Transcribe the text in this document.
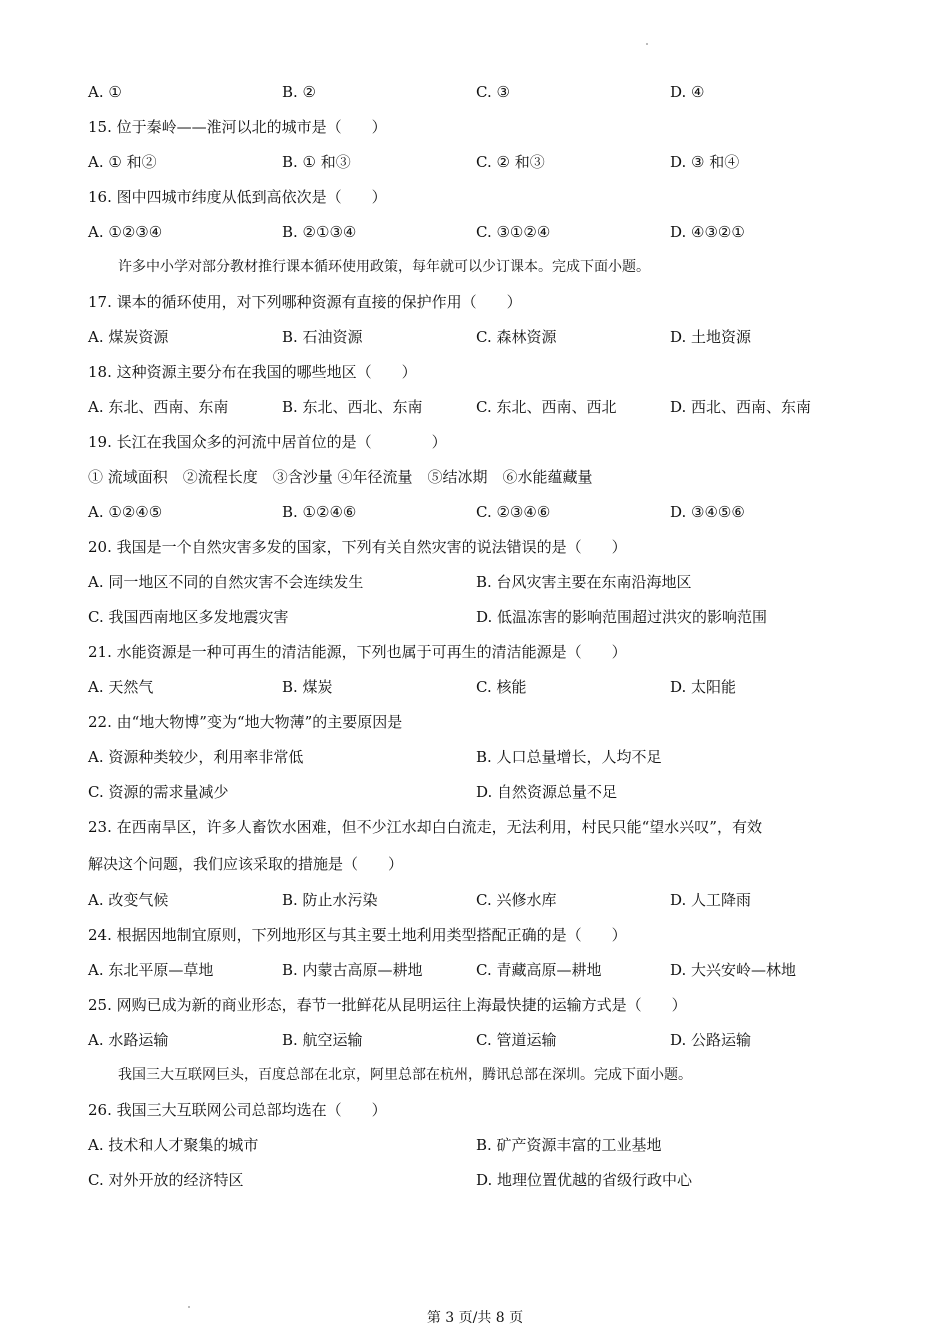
A. ①	B. ②	C. ③	D. ④
15. 位于秦岭——淮河以北的城市是（　　）
A. ① 和②	B. ① 和③	C. ② 和③	D. ③ 和④
16. 图中四城市纬度从低到高依次是（　　）
A. ①②③④	B. ②①③④	C. ③①②④	D. ④③②①
许多中小学对部分教材推行课本循环使用政策，每年就可以少订课本。完成下面小题。
17. 课本的循环使用，对下列哪种资源有直接的保护作用（　　）
A. 煤炭资源	B. 石油资源	C. 森林资源	D. 土地资源
18. 这种资源主要分布在我国的哪些地区（　　）
A. 东北、西南、东南	B. 东北、西北、东南	C. 东北、西南、西北	D. 西北、西南、东南
19. 长江在我国众多的河流中居首位的是（　　　　）
① 流域面积　②流程长度　③含沙量 ④年径流量　⑤结冰期　⑥水能蕴藏量
A. ①②④⑤	B. ①②④⑥	C. ②③④⑥	D. ③④⑤⑥
20. 我国是一个自然灾害多发的国家，下列有关自然灾害的说法错误的是（　　）
A. 同一地区不同的自然灾害不会连续发生	B. 台风灾害主要在东南沿海地区
C. 我国西南地区多发地震灾害	D. 低温冻害的影响范围超过洪灾的影响范围
21. 水能资源是一种可再生的清洁能源，下列也属于可再生的清洁能源是（　　）
A. 天然气	B. 煤炭	C. 核能	D. 太阳能
22. 由“地大物博”变为“地大物薄”的主要原因是
A. 资源种类较少，利用率非常低	B. 人口总量增长，人均不足
C. 资源的需求量减少	D. 自然资源总量不足
23. 在西南旱区，许多人畜饮水困难，但不少江水却白白流走，无法利用，村民只能“望水兴叹”，有效
解决这个问题，我们应该采取的措施是（　　）
A. 改变气候	B. 防止水污染	C. 兴修水库	D. 人工降雨
24. 根据因地制宜原则，下列地形区与其主要土地利用类型搭配正确的是（　　）
A. 东北平原—草地	B. 内蒙古高原—耕地	C. 青藏高原—耕地	D. 大兴安岭—林地
25. 网购已成为新的商业形态，春节一批鲜花从昆明运往上海最快捷的运输方式是（　　）
A. 水路运输	B. 航空运输	C. 管道运输	D. 公路运输
我国三大互联网巨头，百度总部在北京，阿里总部在杭州，腾讯总部在深圳。完成下面小题。
26. 我国三大互联网公司总部均选在（　　）
A. 技术和人才聚集的城市	B. 矿产资源丰富的工业基地
C. 对外开放的经济特区	D. 地理位置优越的省级行政中心
第 3 页/共 8 页
